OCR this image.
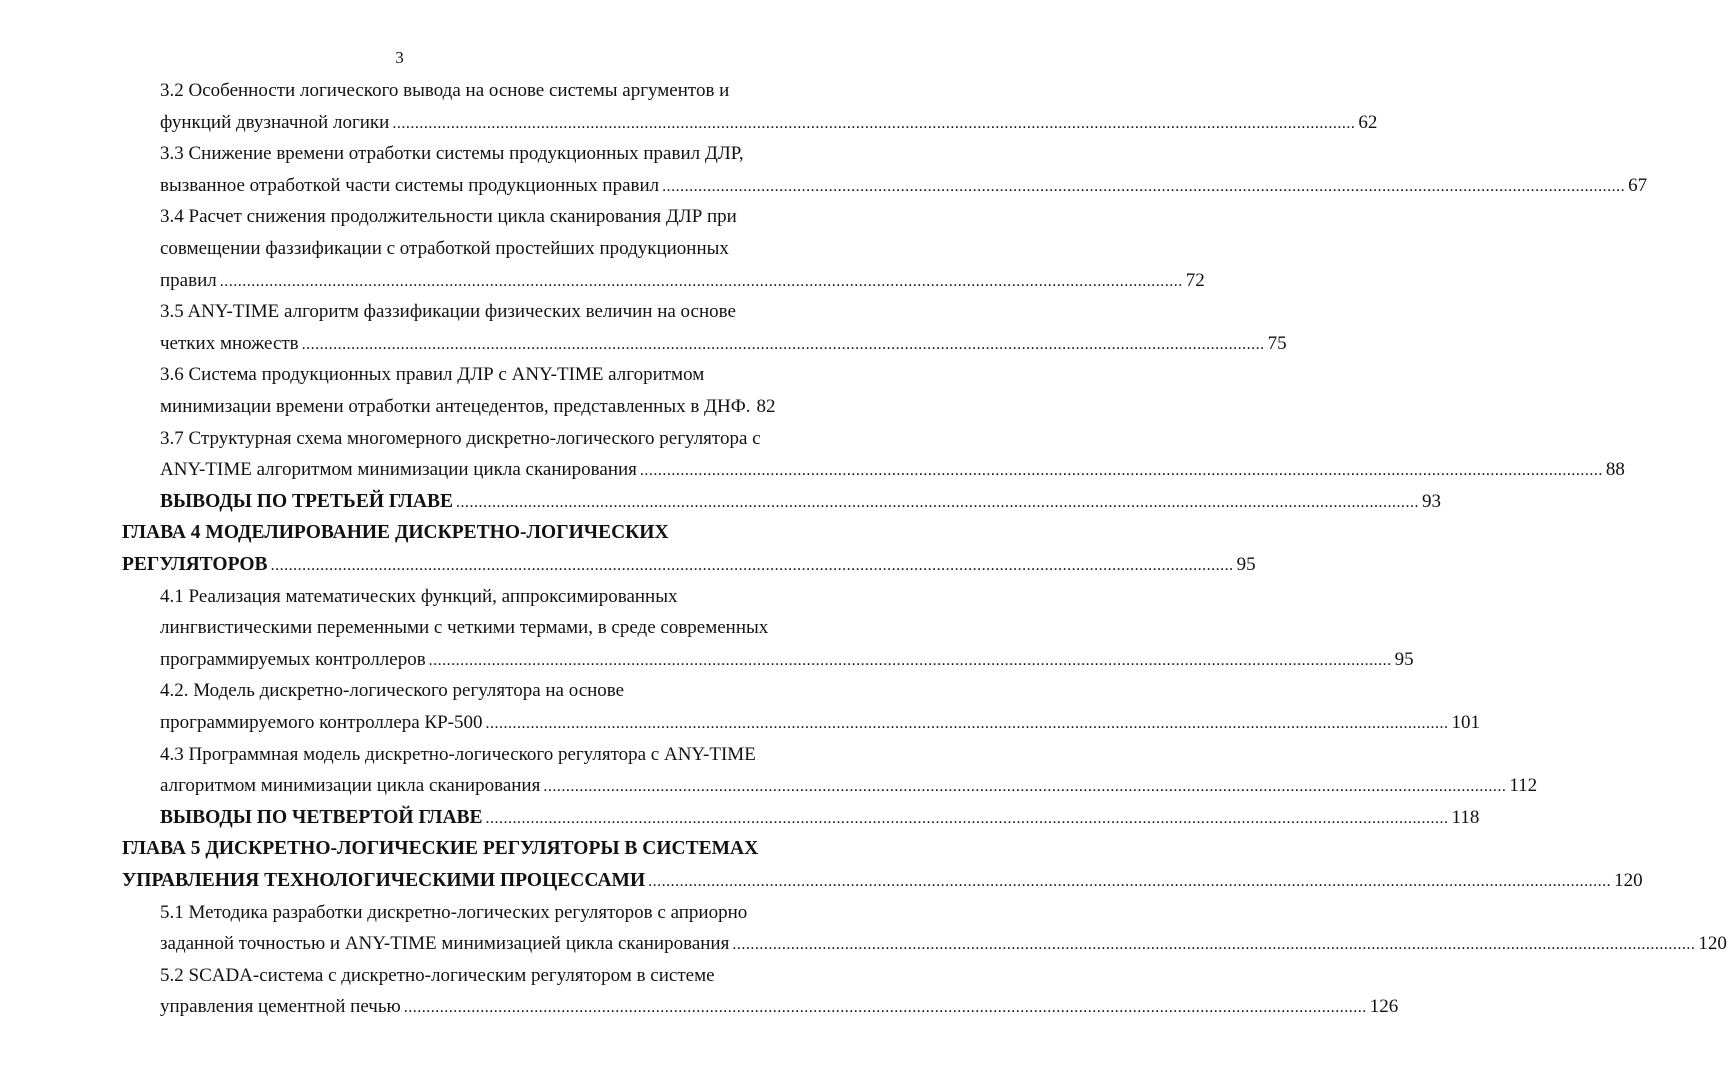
3
3.2 Особенности логического вывода на основе системы аргументов и
функций двузначной логики ...................................................................................................................................................................................................................... 62
3.3 Снижение времени отработки системы продукционных правил ДЛР,
вызванное отработкой части системы продукционных правил ...................................................................................................................................................................................................................... 67
3.4 Расчет снижения продолжительности цикла сканирования ДЛР при
совмещении фаззификации с отработкой простейших продукционных
правил ...................................................................................................................................................................................................................... 72
3.5 ANY-TIME алгоритм фаззификации физических величин на основе
четких множеств ...................................................................................................................................................................................................................... 75
3.6 Система продукционных правил ДЛР с ANY-TIME алгоритмом
минимизации времени отработки антецедентов, представленных в ДНФ. 82
3.7 Структурная схема многомерного дискретно-логического регулятора с
ANY-TIME алгоритмом минимизации цикла сканирования ...................................................................................................................................................................................................................... 88
ВЫВОДЫ ПО ТРЕТЬЕЙ ГЛАВЕ ...................................................................................................................................................................................................................... 93
ГЛАВА 4 МОДЕЛИРОВАНИЕ ДИСКРЕТНО-ЛОГИЧЕСКИХ
РЕГУЛЯТОРОВ ...................................................................................................................................................................................................................... 95
4.1 Реализация математических функций, аппроксимированных
лингвистическими переменными с четкими термами, в среде современных
программируемых контроллеров ...................................................................................................................................................................................................................... 95
4.2. Модель дискретно-логического регулятора на основе
программируемого контроллера КР-500 ...................................................................................................................................................................................................................... 101
4.3 Программная модель дискретно-логического регулятора с ANY-TIME
алгоритмом минимизации цикла сканирования ...................................................................................................................................................................................................................... 112
ВЫВОДЫ ПО ЧЕТВЕРТОЙ ГЛАВЕ ...................................................................................................................................................................................................................... 118
ГЛАВА 5 ДИСКРЕТНО-ЛОГИЧЕСКИЕ РЕГУЛЯТОРЫ В СИСТЕМАХ
УПРАВЛЕНИЯ ТЕХНОЛОГИЧЕСКИМИ ПРОЦЕССАМИ ...................................................................................................................................................................................................................... 120
5.1 Методика разработки дискретно-логических регуляторов с априорно
заданной точностью и ANY-TIME минимизацией цикла сканирования ...................................................................................................................................................................................................................... 120
5.2 SCADA-система с дискретно-логическим регулятором в системе
управления цементной печью ...................................................................................................................................................................................................................... 126
